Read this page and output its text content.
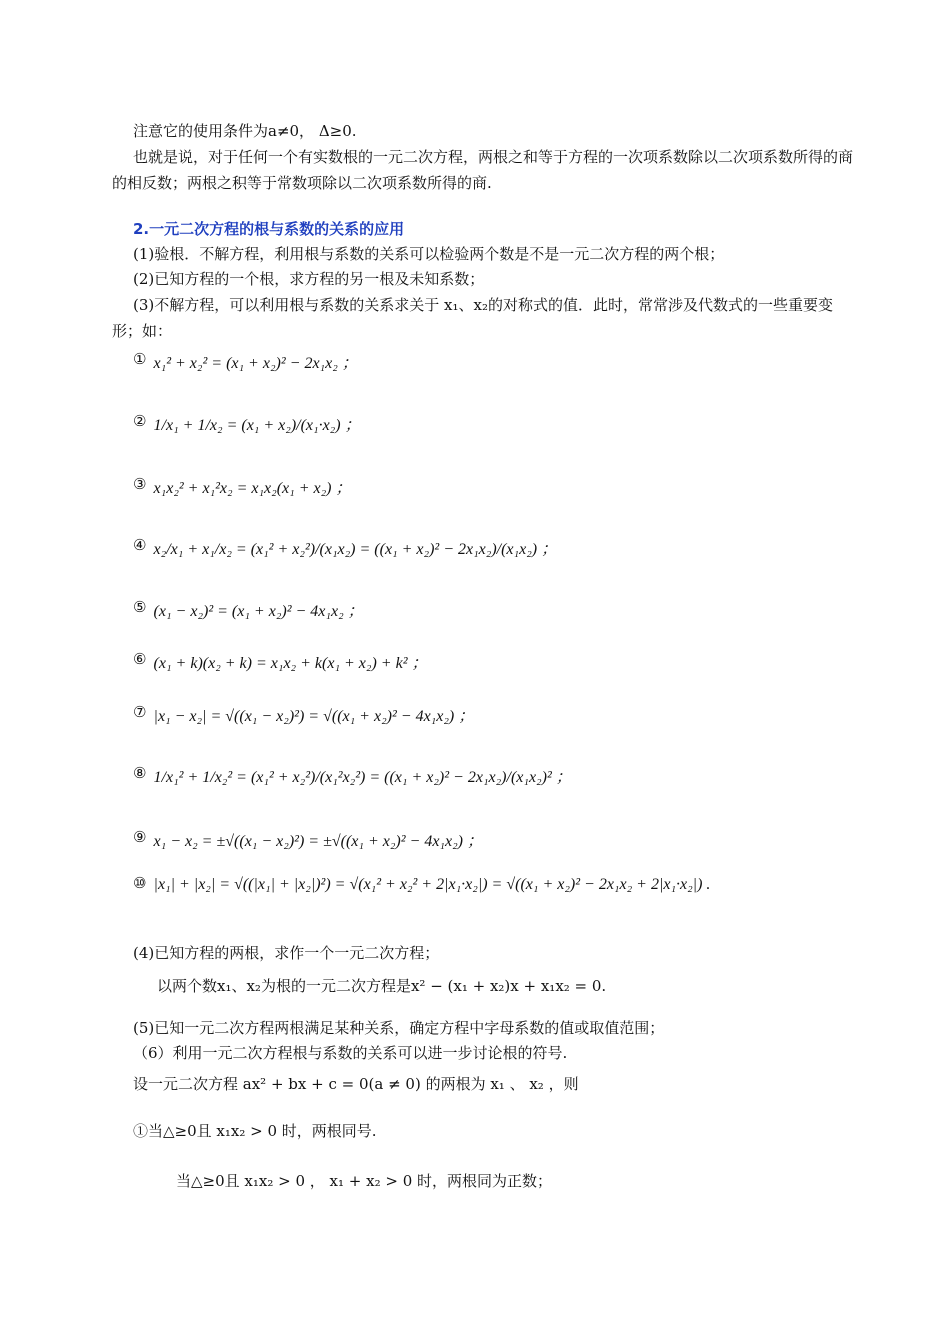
注意它的使用条件为a≠0， Δ≥0.
也就是说，对于任何一个有实数根的一元二次方程，两根之和等于方程的一次项系数除以二次项系数所得的商的相反数；两根之积等于常数项除以二次项系数所得的商.
2.一元二次方程的根与系数的关系的应用
(1)验根．不解方程，利用根与系数的关系可以检验两个数是不是一元二次方程的两个根；
(2)已知方程的一个根，求方程的另一根及未知系数；
(3)不解方程，可以利用根与系数的关系求关于 x₁、x₂的对称式的值．此时，常常涉及代数式的一些重要变形；如：
① x₁² + x₂² = (x₁ + x₂)² − 2x₁x₂ ；
② 1/x₁ + 1/x₂ = (x₁ + x₂)/(x₁·x₂) ；
③ x₁x₂² + x₁²x₂ = x₁x₂(x₁ + x₂) ；
④ x₂/x₁ + x₁/x₂ = (x₁² + x₂²)/(x₁x₂) = ((x₁ + x₂)² − 2x₁x₂)/(x₁x₂) ；
⑤ (x₁ − x₂)² = (x₁ + x₂)² − 4x₁x₂ ；
⑥ (x₁ + k)(x₂ + k) = x₁x₂ + k(x₁ + x₂) + k² ；
⑦ |x₁ − x₂| = √((x₁ − x₂)²) = √((x₁ + x₂)² − 4x₁x₂) ；
⑧ 1/x₁² + 1/x₂² = (x₁² + x₂²)/(x₁²x₂²) = ((x₁ + x₂)² − 2x₁x₂)/(x₁x₂)² ；
⑨ x₁ − x₂ = ±√((x₁ − x₂)²) = ±√((x₁ + x₂)² − 4x₁x₂) ；
⑩ |x₁| + |x₂| = √((|x₁| + |x₂|)²) = √(x₁² + x₂² + 2|x₁·x₂|) = √((x₁ + x₂)² − 2x₁x₂ + 2|x₁·x₂|) .
(4)已知方程的两根，求作一个一元二次方程；
以两个数x₁、x₂为根的一元二次方程是x² − (x₁ + x₂)x + x₁x₂ = 0.
(5)已知一元二次方程两根满足某种关系，确定方程中字母系数的值或取值范围；
（6）利用一元二次方程根与系数的关系可以进一步讨论根的符号.
设一元二次方程 ax² + bx + c = 0(a ≠ 0) 的两根为 x₁ 、 x₂ ，则
①当△≥0且 x₁x₂ > 0 时，两根同号.
当△≥0且 x₁x₂ > 0 ， x₁ + x₂ > 0 时，两根同为正数；
